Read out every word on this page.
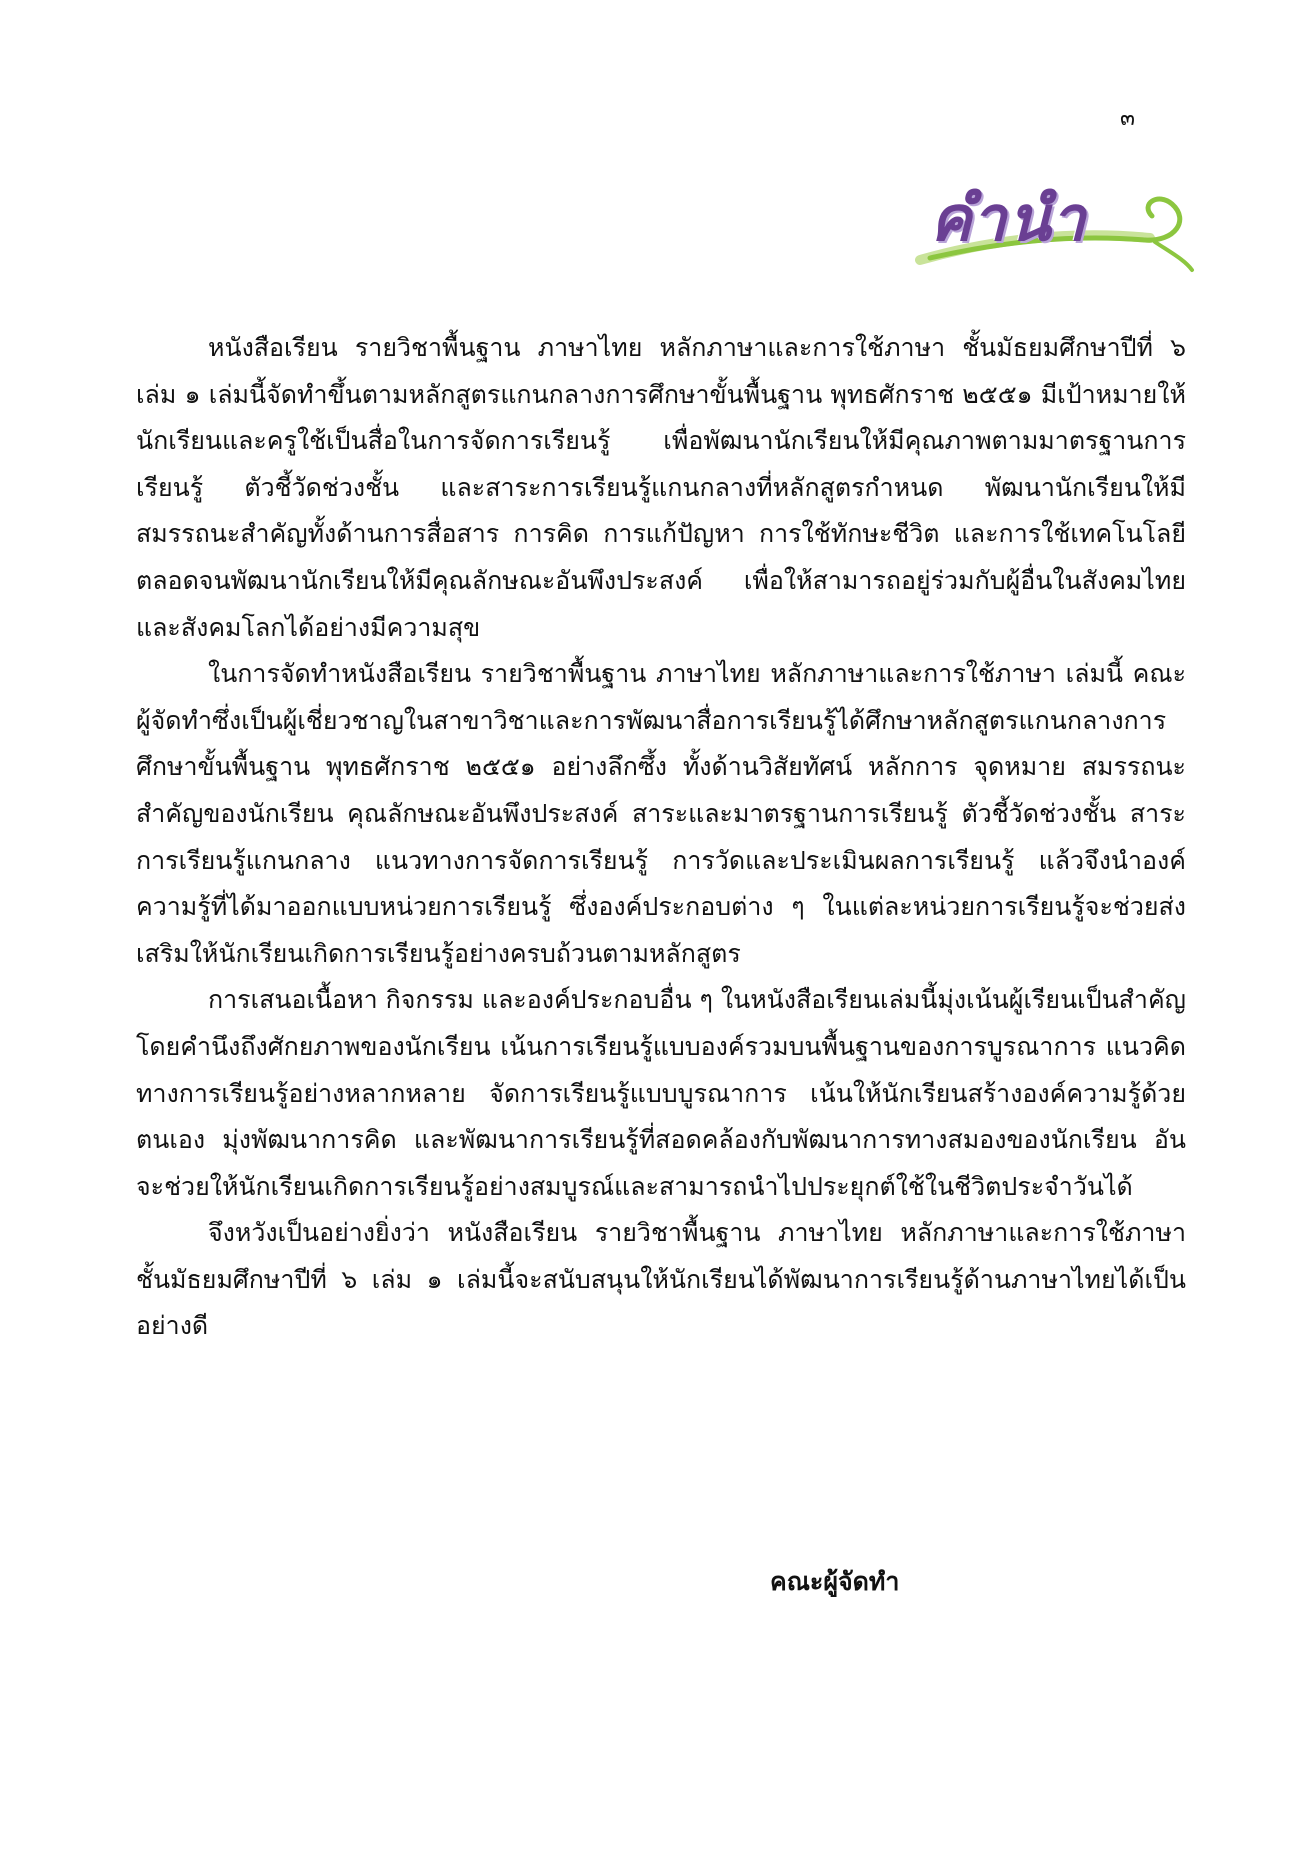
๓
คำนำ

หนังสือเรียน รายวิชาพื้นฐาน ภาษาไทย หลักภาษาและการใช้ภาษา ชั้นมัธยมศึกษาปีที่ ๖ เล่ม ๑ เล่มนี้จัดทำขึ้นตามหลักสูตรแกนกลางการศึกษาขั้นพื้นฐาน พุทธศักราช ๒๕๕๑ มีเป้าหมายให้นักเรียนและครูใช้เป็นสื่อในการจัดการเรียนรู้ เพื่อพัฒนานักเรียนให้มีคุณภาพตามมาตรฐานการเรียนรู้ ตัวชี้วัดช่วงชั้น และสาระการเรียนรู้แกนกลางที่หลักสูตรกำหนด พัฒนานักเรียนให้มีสมรรถนะสำคัญทั้งด้านการสื่อสาร การคิด การแก้ปัญหา การใช้ทักษะชีวิต และการใช้เทคโนโลยี ตลอดจนพัฒนานักเรียนให้มีคุณลักษณะอันพึงประสงค์ เพื่อให้สามารถอยู่ร่วมกับผู้อื่นในสังคมไทยและสังคมโลกได้อย่างมีความสุข

ในการจัดทำหนังสือเรียน รายวิชาพื้นฐาน ภาษาไทย หลักภาษาและการใช้ภาษา เล่มนี้ คณะผู้จัดทำซึ่งเป็นผู้เชี่ยวชาญในสาขาวิชาและการพัฒนาสื่อการเรียนรู้ได้ศึกษาหลักสูตรแกนกลางการศึกษาขั้นพื้นฐาน พุทธศักราช ๒๕๕๑ อย่างลึกซึ้ง ทั้งด้านวิสัยทัศน์ หลักการ จุดหมาย สมรรถนะสำคัญของนักเรียน คุณลักษณะอันพึงประสงค์ สาระและมาตรฐานการเรียนรู้ ตัวชี้วัดช่วงชั้น สาระการเรียนรู้แกนกลาง แนวทางการจัดการเรียนรู้ การวัดและประเมินผลการเรียนรู้ แล้วจึงนำองค์ความรู้ที่ได้มาออกแบบหน่วยการเรียนรู้ ซึ่งองค์ประกอบต่าง ๆ ในแต่ละหน่วยการเรียนรู้จะช่วยส่งเสริมให้นักเรียนเกิดการเรียนรู้อย่างครบถ้วนตามหลักสูตร

การเสนอเนื้อหา กิจกรรม และองค์ประกอบอื่น ๆ ในหนังสือเรียนเล่มนี้มุ่งเน้นผู้เรียนเป็นสำคัญ โดยคำนึงถึงศักยภาพของนักเรียน เน้นการเรียนรู้แบบองค์รวมบนพื้นฐานของการบูรณาการ แนวคิดทางการเรียนรู้อย่างหลากหลาย จัดการเรียนรู้แบบบูรณาการ เน้นให้นักเรียนสร้างองค์ความรู้ด้วยตนเอง มุ่งพัฒนาการคิด และพัฒนาการเรียนรู้ที่สอดคล้องกับพัฒนาการทางสมองของนักเรียน อันจะช่วยให้นักเรียนเกิดการเรียนรู้อย่างสมบูรณ์และสามารถนำไปประยุกต์ใช้ในชีวิตประจำวันได้

จึงหวังเป็นอย่างยิ่งว่า หนังสือเรียน รายวิชาพื้นฐาน ภาษาไทย หลักภาษาและการใช้ภาษา ชั้นมัธยมศึกษาปีที่ ๖ เล่ม ๑ เล่มนี้จะสนับสนุนให้นักเรียนได้พัฒนาการเรียนรู้ด้านภาษาไทยได้เป็นอย่างดี

คณะผู้จัดทำ
